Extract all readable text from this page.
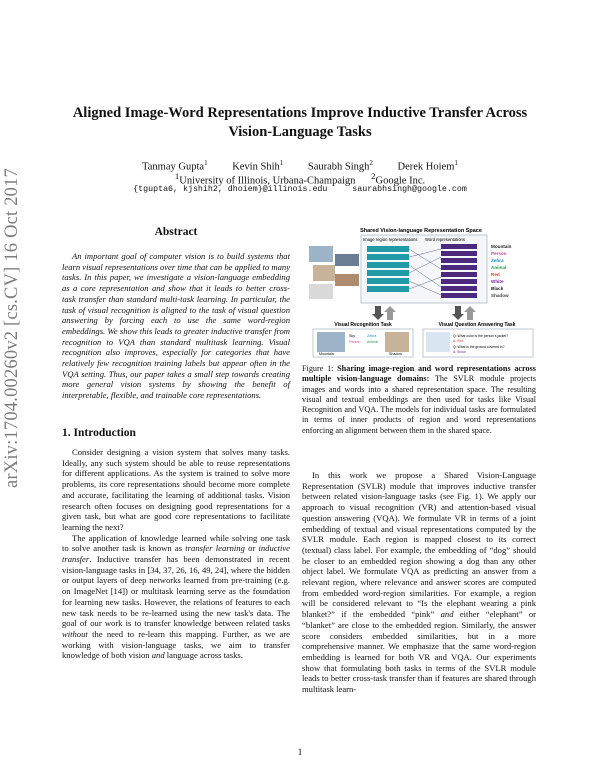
arXiv:1704.00260v2 [cs.CV] 16 Oct 2017
Aligned Image-Word Representations Improve Inductive Transfer Across Vision-Language Tasks
Tanmay Gupta$^1$ Kevin Shih$^1$ Saurabh Singh$^2$ Derek Hoiem$^1$
$^1$University of Illinois, Urbana-Champaign $^2$Google Inc.
{tgupta6, kjshih2, dhoiem}@illinois.edu     saurabhsingh@google.com
Abstract
An important goal of computer vision is to build systems that learn visual representations over time that can be applied to many tasks. In this paper, we investigate a vision-language embedding as a core representation and show that it leads to better cross-task transfer than standard multi-task learning. In particular, the task of visual recognition is aligned to the task of visual question answering by forcing each to use the same word-region embeddings. We show this leads to greater inductive transfer from recognition to VQA than standard multitask learning. Visual recognition also improves, especially for categories that have relatively few recognition training labels but appear often in the VQA setting. Thus, our paper takes a small step towards creating more general vision systems by showing the benefit of interpretable, flexible, and trainable core representations.
1. Introduction

Consider designing a vision system that solves many tasks. Ideally, any such system should be able to reuse representations for different applications. As the system is trained to solve more problems, its core representations should become more complete and accurate, facilitating the learning of additional tasks. Vision research often focuses on designing good representations for a given task, but what are good core representations to facilitate learning the next?

The application of knowledge learned while solving one task to solve another task is known as transfer learning or inductive transfer. Inductive transfer has been demonstrated in recent vision-language tasks in [34, 37, 26, 16, 49, 24], where the hidden or output layers of deep networks learned from pre-training (e.g. on ImageNet [14]) or multitask learning serve as the foundation for learning new tasks. However, the relations of features to each new task needs to be re-learned using the new task's data. The goal of our work is to transfer knowledge between related tasks without the need to re-learn this mapping. Further, as we are working with vision-language tasks, we aim to transfer knowledge of both vision and language across tasks.

Shared Vision-language Representation Space
Image region representations Word representations
Mountain
Person
Zebra
Animal
Red
White
Black
Shadow
Visual Recognition Task
Mountain
Sky
Person
Zebra
Animal
Shadow
Visual Question Answering Task
Q: What color is the person's jacket?
A: Red
Q: What is the ground covered in?
A: Snow
Figure 1: Sharing image-region and word representations across multiple vision-language domains: The SVLR module projects images and words into a shared representation space. The resulting visual and textual embeddings are then used for tasks like Visual Recognition and VQA. The models for individual tasks are formulated in terms of inner products of region and word representations enforcing an alignment between them in the shared space.

In this work we propose a Shared Vision-Language Representation (SVLR) module that improves inductive transfer between related vision-language tasks (see Fig. 1). We apply our approach to visual recognition (VR) and attention-based visual question answering (VQA). We formulate VR in terms of a joint embedding of textual and visual representations computed by the SVLR module. Each region is mapped closest to its correct (textual) class label. For example, the embedding of “dog” should be closer to an embedded region showing a dog than any other object label. We formulate VQA as predicting an answer from a relevant region, where relevance and answer scores are computed from embedded word-region similarities. For example, a region will be considered relevant to “Is the elephant wearing a pink blanket?” if the embedded “pink” and either “elephant” or “blanket” are close to the embedded region. Similarly, the answer score considers embedded similarities, but in a more comprehensive manner. We emphasize that the same word-region embedding is learned for both VR and VQA. Our experiments show that formulating both tasks in terms of the SVLR module leads to better cross-task transfer than if features are shared through multitask learn-

1
